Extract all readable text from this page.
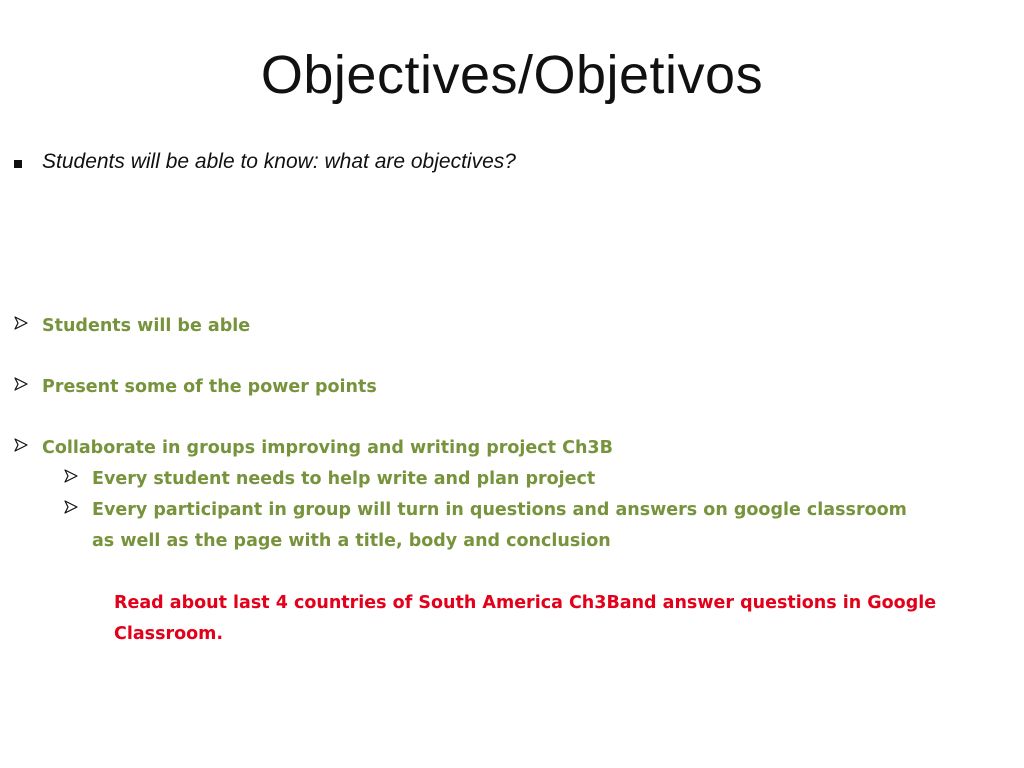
Objectives/Objetivos
Students will be able to know: what are objectives?
Students will be able
Present some of the power points
Collaborate in groups improving and writing project Ch3B
Every student needs to help write and plan project
Every participant in group will turn in questions and answers on google classroom as well as the page with a title, body and conclusion
Read about last 4 countries of South America Ch3Band answer questions in Google Classroom.
